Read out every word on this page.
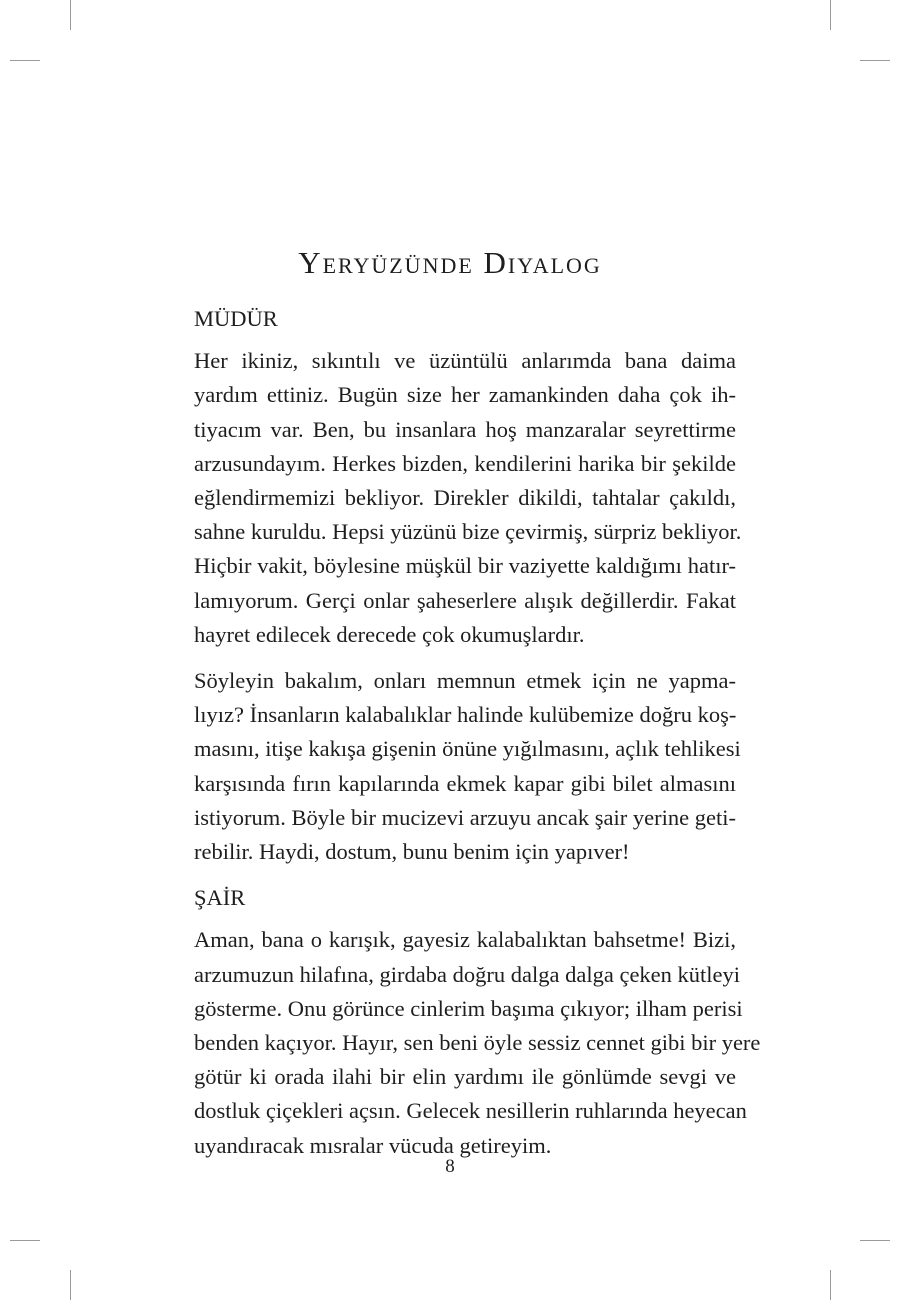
Yeryüzünde Diyalog
MÜDÜR
Her ikiniz, sıkıntılı ve üzüntülü anlarımda bana daima
yardım ettiniz. Bugün size her zamankinden daha çok ih-
tiyacım var. Ben, bu insanlara hoş manzaralar seyrettirme
arzusundayım. Herkes bizden, kendilerini harika bir şekilde
eğlendirmemizi bekliyor. Direkler dikildi, tahtalar çakıldı,
sahne kuruldu. Hepsi yüzünü bize çevirmiş, sürpriz bekliyor.
Hiçbir vakit, böylesine müşkül bir vaziyette kaldığımı hatır-
lamıyorum. Gerçi onlar şaheserlere alışık değillerdir. Fakat
hayret edilecek derecede çok okumuşlardır.
Söyleyin bakalım, onları memnun etmek için ne yapma-
lıyız? İnsanların kalabalıklar halinde kulübemize doğru koş-
masını, itişe kakışa gişenin önüne yığılmasını, açlık tehlikesi
karşısında fırın kapılarında ekmek kapar gibi bilet almasını
istiyorum. Böyle bir mucizevi arzuyu ancak şair yerine geti-
rebilir. Haydi, dostum, bunu benim için yapıver!
ŞAİR
Aman, bana o karışık, gayesiz kalabalıktan bahsetme! Bizi,
arzumuzun hilafına, girdaba doğru dalga dalga çeken kütleyi
gösterme. Onu görünce cinlerim başıma çıkıyor; ilham perisi
benden kaçıyor. Hayır, sen beni öyle sessiz cennet gibi bir yere
götür ki orada ilahi bir elin yardımı ile gönlümde sevgi ve
dostluk çiçekleri açsın. Gelecek nesillerin ruhlarında heyecan
uyandıracak mısralar vücuda getireyim.
8
